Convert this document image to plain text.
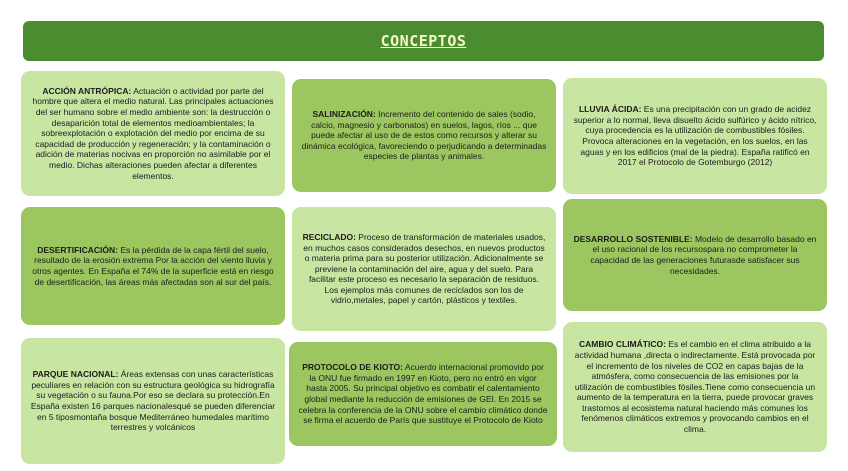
CONCEPTOS

ACCIÓN ANTRÓPICA: Actuación o actividad por parte del hombre que altera el medio natural. Las principales actuaciones del ser humano sobre el medio ambiente son: la destrucción o desaparición total de elementos medioambientales; la sobreexplotación o explotación del medio por encima de su capacidad de producción y regeneración; y la contaminación o adición de materias nocivas en proporción no asimilable por el medio. Dichas alteraciones pueden afectar a diferentes elementos.

SALINIZACIÓN: Incremento del contenido de sales (sodio, calcio, magnesio y carbonatos) en suelos, lagos, ríos ... que puede afectar al uso de de estos como recursos y alterar su dinámica ecológica, favoreciendo o perjudicando a determinadas especies de plantas y animales.

LLUVIA ÁCIDA: Es una precipitación con un grado de acidez superior a lo normal, lleva disuelto ácido sulfúrico y ácido nítrico, cuya procedencia es la utilización de combustibles fósiles. Provoca alteraciones en la vegetación, en los suelos, en las aguas y en los edificios (mal de la piedra). España ratificó en 2017 el Protocolo de Gotemburgo (2012)

DESERTIFICACIÓN: Es la pérdida de la capa fértil del suelo, resultado de la erosión extrema Por la acción del viento lluvia y otros agentes. En España el 74% de la superficie está en riesgo de desertificación, las áreas más afectadas son al sur del país.

RECICLADO: Proceso de transformación de materiales usados, en muchos casos considerados desechos, en nuevos productos o materia prima para su posterior utilización. Adicionalmente se previene la contaminación del aire, agua y del suelo. Para facilitar este proceso es necesario la separación de residuos. Los ejemplos más comunes de reciclados son los de vidrio,metales, papel y cartón, plásticos y textiles.

DESARROLLO SOSTENIBLE: Modelo de desarrollo basado en el uso racional de los recursospara no comprometer la capacidad de las generaciones futurasde satisfacer sus necesidades.

PARQUE NACIONAL: Áreas extensas con unas características peculiares en relación con su estructura geológica su hidrografía su vegetación o su fauna.Por eso se declara su protección.En España existen 16 parques nacionalesqué se pueden diferenciar en 5 tiposmontaña bosque Mediterráneo humedales marítimo terrestres y volcánicos

PROTOCOLO DE KIOTO: Acuerdo internacional promovido por la ONU fue firmado en 1997 en Kioto, pero no entró en vigor hasta 2005. Su principal objetivo es combatir el calentamiento global mediante la reducción de emisiones de GEI. En 2015 se celebra la conferencia de la ONU sobre el cambio climático donde se firma el acuerdo de París que sustituye el Protocolo de Kioto

CAMBIO CLIMÁTICO: Es el cambio en el clima atribuido a la actividad humana ,directa o indirectamente. Está provocada por el incremento de los niveles de CO2 en capas bajas de la atmósfera, como consecuencia de las emisiones por la utilización de combustibles fósiles.Tiene como consecuencia un aumento de la temperatura en la tierra, puede provocar graves trastornos al ecosistema natural haciendo más comunes los fenómenos climáticos extremos y provocando cambios en el clima.
